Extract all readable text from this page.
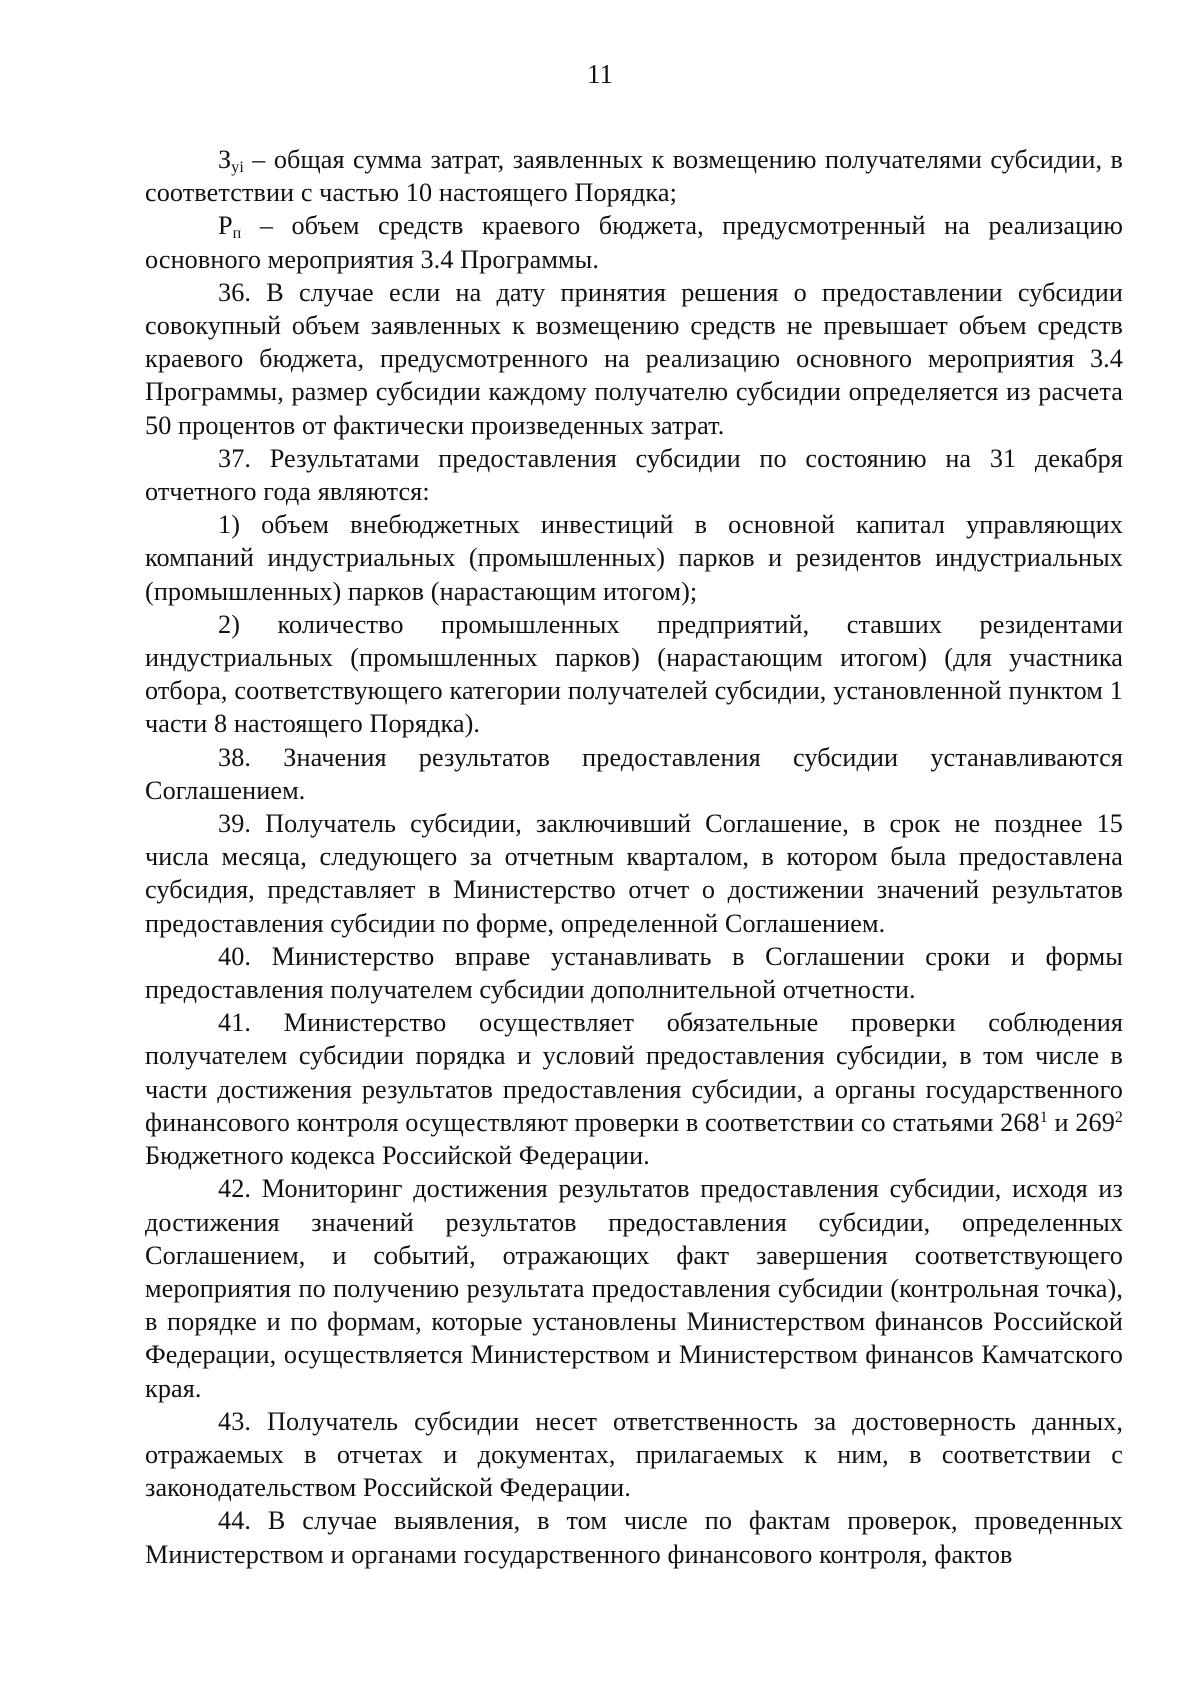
11

$З_{yi}$ – общая сумма затрат, заявленных к возмещению получателями субсидии, в соответствии с частью 10 настоящего Порядка;

$Р_п$ – объем средств краевого бюджета, предусмотренный на реализацию основного мероприятия 3.4 Программы.

36. В случае если на дату принятия решения о предоставлении субсидии совокупный объем заявленных к возмещению средств не превышает объем средств краевого бюджета, предусмотренного на реализацию основного мероприятия 3.4 Программы, размер субсидии каждому получателю субсидии определяется из расчета 50 процентов от фактически произведенных затрат.

37. Результатами предоставления субсидии по состоянию на 31 декабря отчетного года являются:

1) объем внебюджетных инвестиций в основной капитал управляющих компаний индустриальных (промышленных) парков и резидентов индустриальных (промышленных) парков (нарастающим итогом);

2) количество промышленных предприятий, ставших резидентами индустриальных (промышленных парков) (нарастающим итогом) (для участника отбора, соответствующего категории получателей субсидии, установленной пунктом 1 части 8 настоящего Порядка).

38. Значения результатов предоставления субсидии устанавливаются Соглашением.

39. Получатель субсидии, заключивший Соглашение, в срок не позднее 15 числа месяца, следующего за отчетным кварталом, в котором была предоставлена субсидия, представляет в Министерство отчет о достижении значений результатов предоставления субсидии по форме, определенной Соглашением.

40. Министерство вправе устанавливать в Соглашении сроки и формы предоставления получателем субсидии дополнительной отчетности.

41. Министерство осуществляет обязательные проверки соблюдения получателем субсидии порядка и условий предоставления субсидии, в том числе в части достижения результатов предоставления субсидии, а органы государственного финансового контроля осуществляют проверки в соответствии со статьями $268^1$ и $269^2$ Бюджетного кодекса Российской Федерации.

42. Мониторинг достижения результатов предоставления субсидии, исходя из достижения значений результатов предоставления субсидии, определенных Соглашением, и событий, отражающих факт завершения соответствующего мероприятия по получению результата предоставления субсидии (контрольная точка), в порядке и по формам, которые установлены Министерством финансов Российской Федерации, осуществляется Министерством и Министерством финансов Камчатского края.

43. Получатель субсидии несет ответственность за достоверность данных, отражаемых в отчетах и документах, прилагаемых к ним, в соответствии с законодательством Российской Федерации.

44. В случае выявления, в том числе по фактам проверок, проведенных Министерством и органами государственного финансового контроля, фактов
